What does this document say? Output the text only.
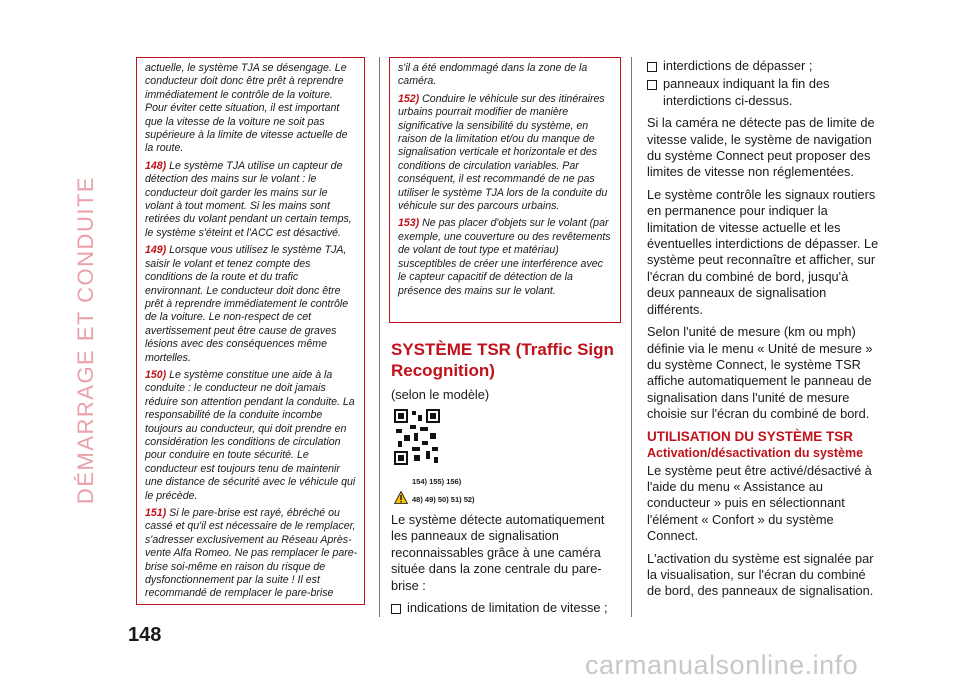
DÉMARRAGE ET CONDUITE

actuelle, le système TJA se désengage. Le conducteur doit donc être prêt à reprendre immédiatement le contrôle de la voiture. Pour éviter cette situation, il est important que la vitesse de la voiture ne soit pas supérieure à la limite de vitesse actuelle de la route.

148) Le système TJA utilise un capteur de détection des mains sur le volant : le conducteur doit garder les mains sur le volant à tout moment. Si les mains sont retirées du volant pendant un certain temps, le système s'éteint et l'ACC est désactivé.

149) Lorsque vous utilisez le système TJA, saisir le volant et tenez compte des conditions de la route et du trafic environnant. Le conducteur doit donc être prêt à reprendre immédiatement le contrôle de la voiture. Le non-respect de cet avertissement peut être cause de graves lésions avec des conséquences même mortelles.

150) Le système constitue une aide à la conduite : le conducteur ne doit jamais réduire son attention pendant la conduite. La responsabilité de la conduite incombe toujours au conducteur, qui doit prendre en considération les conditions de circulation pour conduire en toute sécurité. Le conducteur est toujours tenu de maintenir une distance de sécurité avec le véhicule qui le précède.

151) Si le pare-brise est rayé, ébréché ou cassé et qu'il est nécessaire de le remplacer, s'adresser exclusivement au Réseau Après-vente Alfa Romeo. Ne pas remplacer le pare-brise soi-même en raison du risque de dysfonctionnement par la suite ! Il est recommandé de remplacer le pare-brise

s'il a été endommagé dans la zone de la caméra.

152) Conduire le véhicule sur des itinéraires urbains pourrait modifier de manière significative la sensibilité du système, en raison de la limitation et/ou du manque de signalisation verticale et horizontale et des conditions de circulation variables. Par conséquent, il est recommandé de ne pas utiliser le système TJA lors de la conduite du véhicule sur des parcours urbains.

153) Ne pas placer d'objets sur le volant (par exemple, une couverture ou des revêtements de volant de tout type et matériau) susceptibles de créer une interférence avec le capteur capacitif de détection de la présence des mains sur le volant.

SYSTÈME TSR (Traffic Sign Recognition)
(selon le modèle)
154) 155) 156)
48) 49) 50) 51) 52)

Le système détecte automatiquement les panneaux de signalisation reconnaissables grâce à une caméra située dans la zone centrale du pare-brise :

indications de limitation de vitesse ;
interdictions de dépasser ;
panneaux indiquant la fin des interdictions ci-dessus.

Si la caméra ne détecte pas de limite de vitesse valide, le système de navigation du système Connect peut proposer des limites de vitesse non réglementées.

Le système contrôle les signaux routiers en permanence pour indiquer la limitation de vitesse actuelle et les éventuelles interdictions de dépasser. Le système peut reconnaître et afficher, sur l'écran du combiné de bord, jusqu'à deux panneaux de signalisation différents.

Selon l'unité de mesure (km ou mph) définie via le menu « Unité de mesure » du système Connect, le système TSR affiche automatiquement le panneau de signalisation dans l'unité de mesure choisie sur l'écran du combiné de bord.

UTILISATION DU SYSTÈME TSR
Activation/désactivation du système

Le système peut être activé/désactivé à l'aide du menu « Assistance au conducteur » puis en sélectionnant l'élément « Confort » du système Connect.

L'activation du système est signalée par la visualisation, sur l'écran du combiné de bord, des panneaux de signalisation.

148
carmanualsonline.info
